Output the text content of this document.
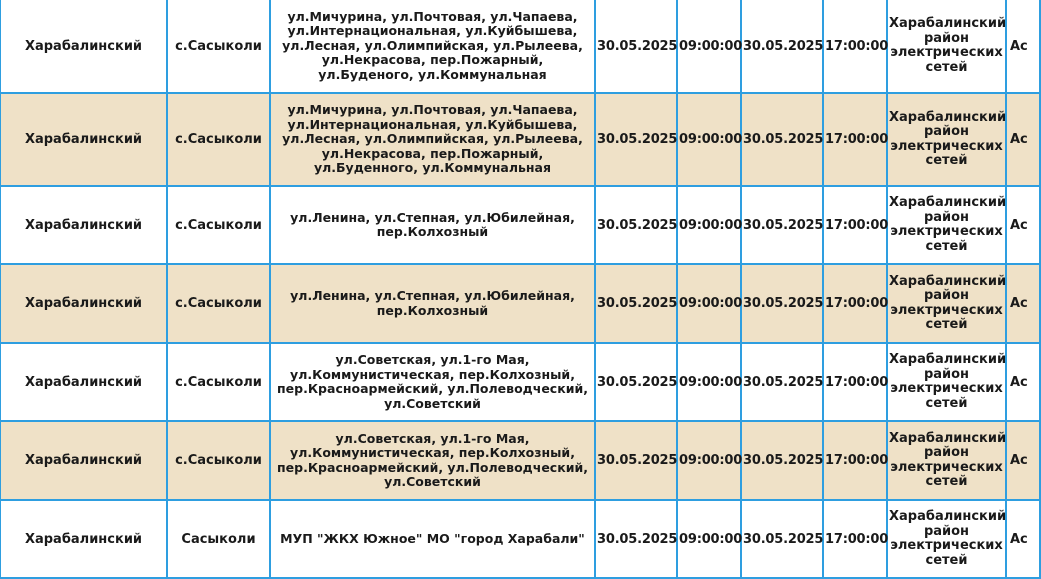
Харабалинский	с.Сасыколи	ул.Мичурина, ул.Почтовая, ул.Чапаева, ул.Интернациональная, ул.Куйбышева, ул.Лесная, ул.Олимпийская, ул.Рылеева, ул.Некрасова, пер.Пожарный, ул.Буденого, ул.Коммунальная	30.05.2025	09:00:00	30.05.2025	17:00:00	Харабалинский район электрических сетей	Ас
Харабалинский	с.Сасыколи	ул.Мичурина, ул.Почтовая, ул.Чапаева, ул.Интернациональная, ул.Куйбышева, ул.Лесная, ул.Олимпийская, ул.Рылеева, ул.Некрасова, пер.Пожарный, ул.Буденного, ул.Коммунальная	30.05.2025	09:00:00	30.05.2025	17:00:00	Харабалинский район электрических сетей	Ас
Харабалинский	с.Сасыколи	ул.Ленина, ул.Степная, ул.Юбилейная, пер.Колхозный	30.05.2025	09:00:00	30.05.2025	17:00:00	Харабалинский район электрических сетей	Ас
Харабалинский	с.Сасыколи	ул.Ленина, ул.Степная, ул.Юбилейная, пер.Колхозный	30.05.2025	09:00:00	30.05.2025	17:00:00	Харабалинский район электрических сетей	Ас
Харабалинский	с.Сасыколи	ул.Советская, ул.1-го Мая, ул.Коммунистическая, пер.Колхозный, пер.Красноармейский, ул.Полеводческий, ул.Советский	30.05.2025	09:00:00	30.05.2025	17:00:00	Харабалинский район электрических сетей	Ас
Харабалинский	с.Сасыколи	ул.Советская, ул.1-го Мая, ул.Коммунистическая, пер.Колхозный, пер.Красноармейский, ул.Полеводческий, ул.Советский	30.05.2025	09:00:00	30.05.2025	17:00:00	Харабалинский район электрических сетей	Ас
Харабалинский	Сасыколи	МУП "ЖКХ Южное" МО "город Харабали"	30.05.2025	09:00:00	30.05.2025	17:00:00	Харабалинский район электрических сетей	Ас
